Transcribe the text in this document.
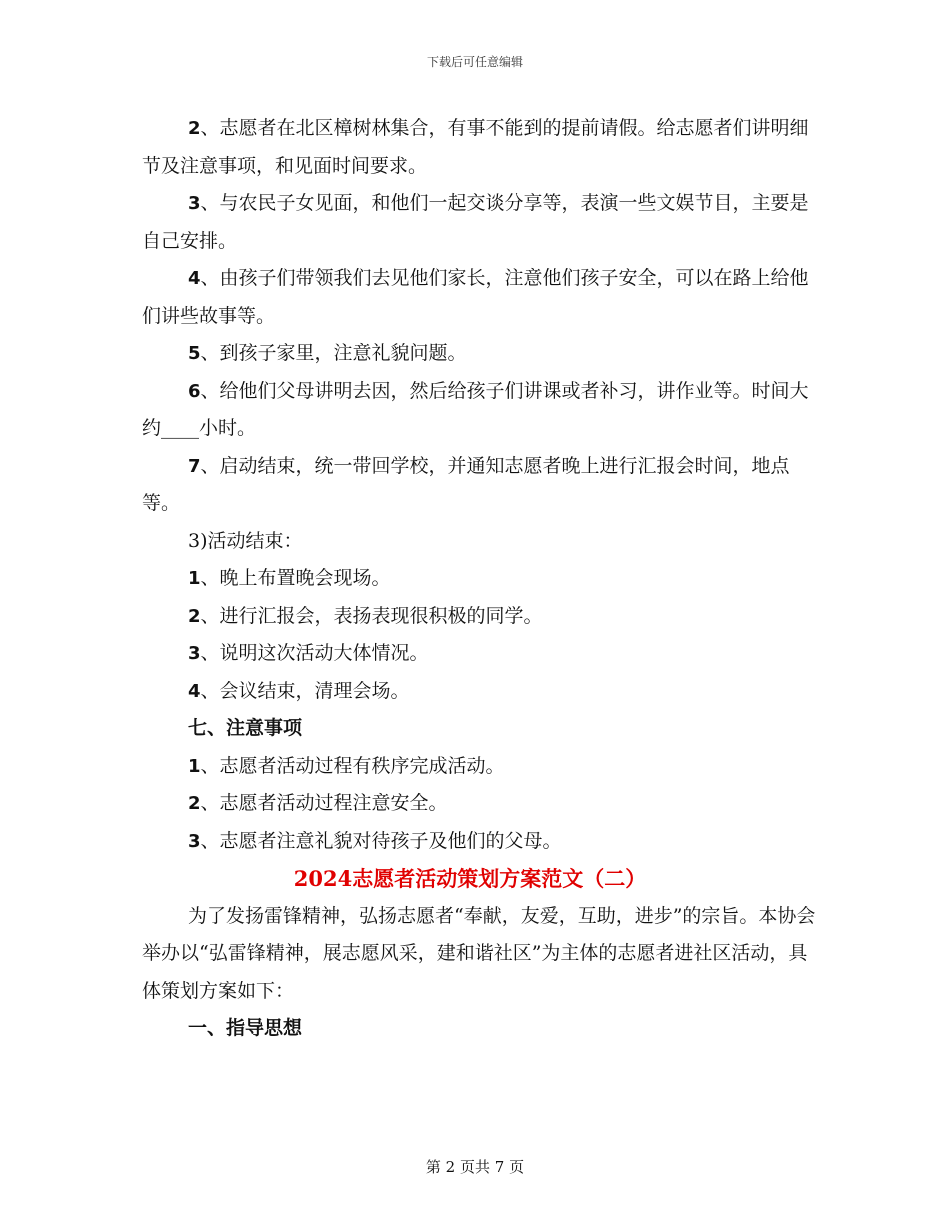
下载后可任意编辑

2、志愿者在北区樟树林集合，有事不能到的提前请假。给志愿者们讲明细节及注意事项，和见面时间要求。

3、与农民子女见面，和他们一起交谈分享等，表演一些文娱节目，主要是自己安排。

4、由孩子们带领我们去见他们家长，注意他们孩子安全，可以在路上给他们讲些故事等。

5、到孩子家里，注意礼貌问题。

6、给他们父母讲明去因，然后给孩子们讲课或者补习，讲作业等。时间大约____小时。

7、启动结束，统一带回学校，并通知志愿者晚上进行汇报会时间，地点等。

3)活动结束：

1、晚上布置晚会现场。

2、进行汇报会，表扬表现很积极的同学。

3、说明这次活动大体情况。

4、会议结束，清理会场。

七、注意事项

1、志愿者活动过程有秩序完成活动。

2、志愿者活动过程注意安全。

3、志愿者注意礼貌对待孩子及他们的父母。

2024志愿者活动策划方案范文（二）

为了发扬雷锋精神，弘扬志愿者“奉献，友爱，互助，进步”的宗旨。本协会举办以“弘雷锋精神，展志愿风采，建和谐社区”为主体的志愿者进社区活动，具体策划方案如下：

一、指导思想

第 2 页共 7 页
